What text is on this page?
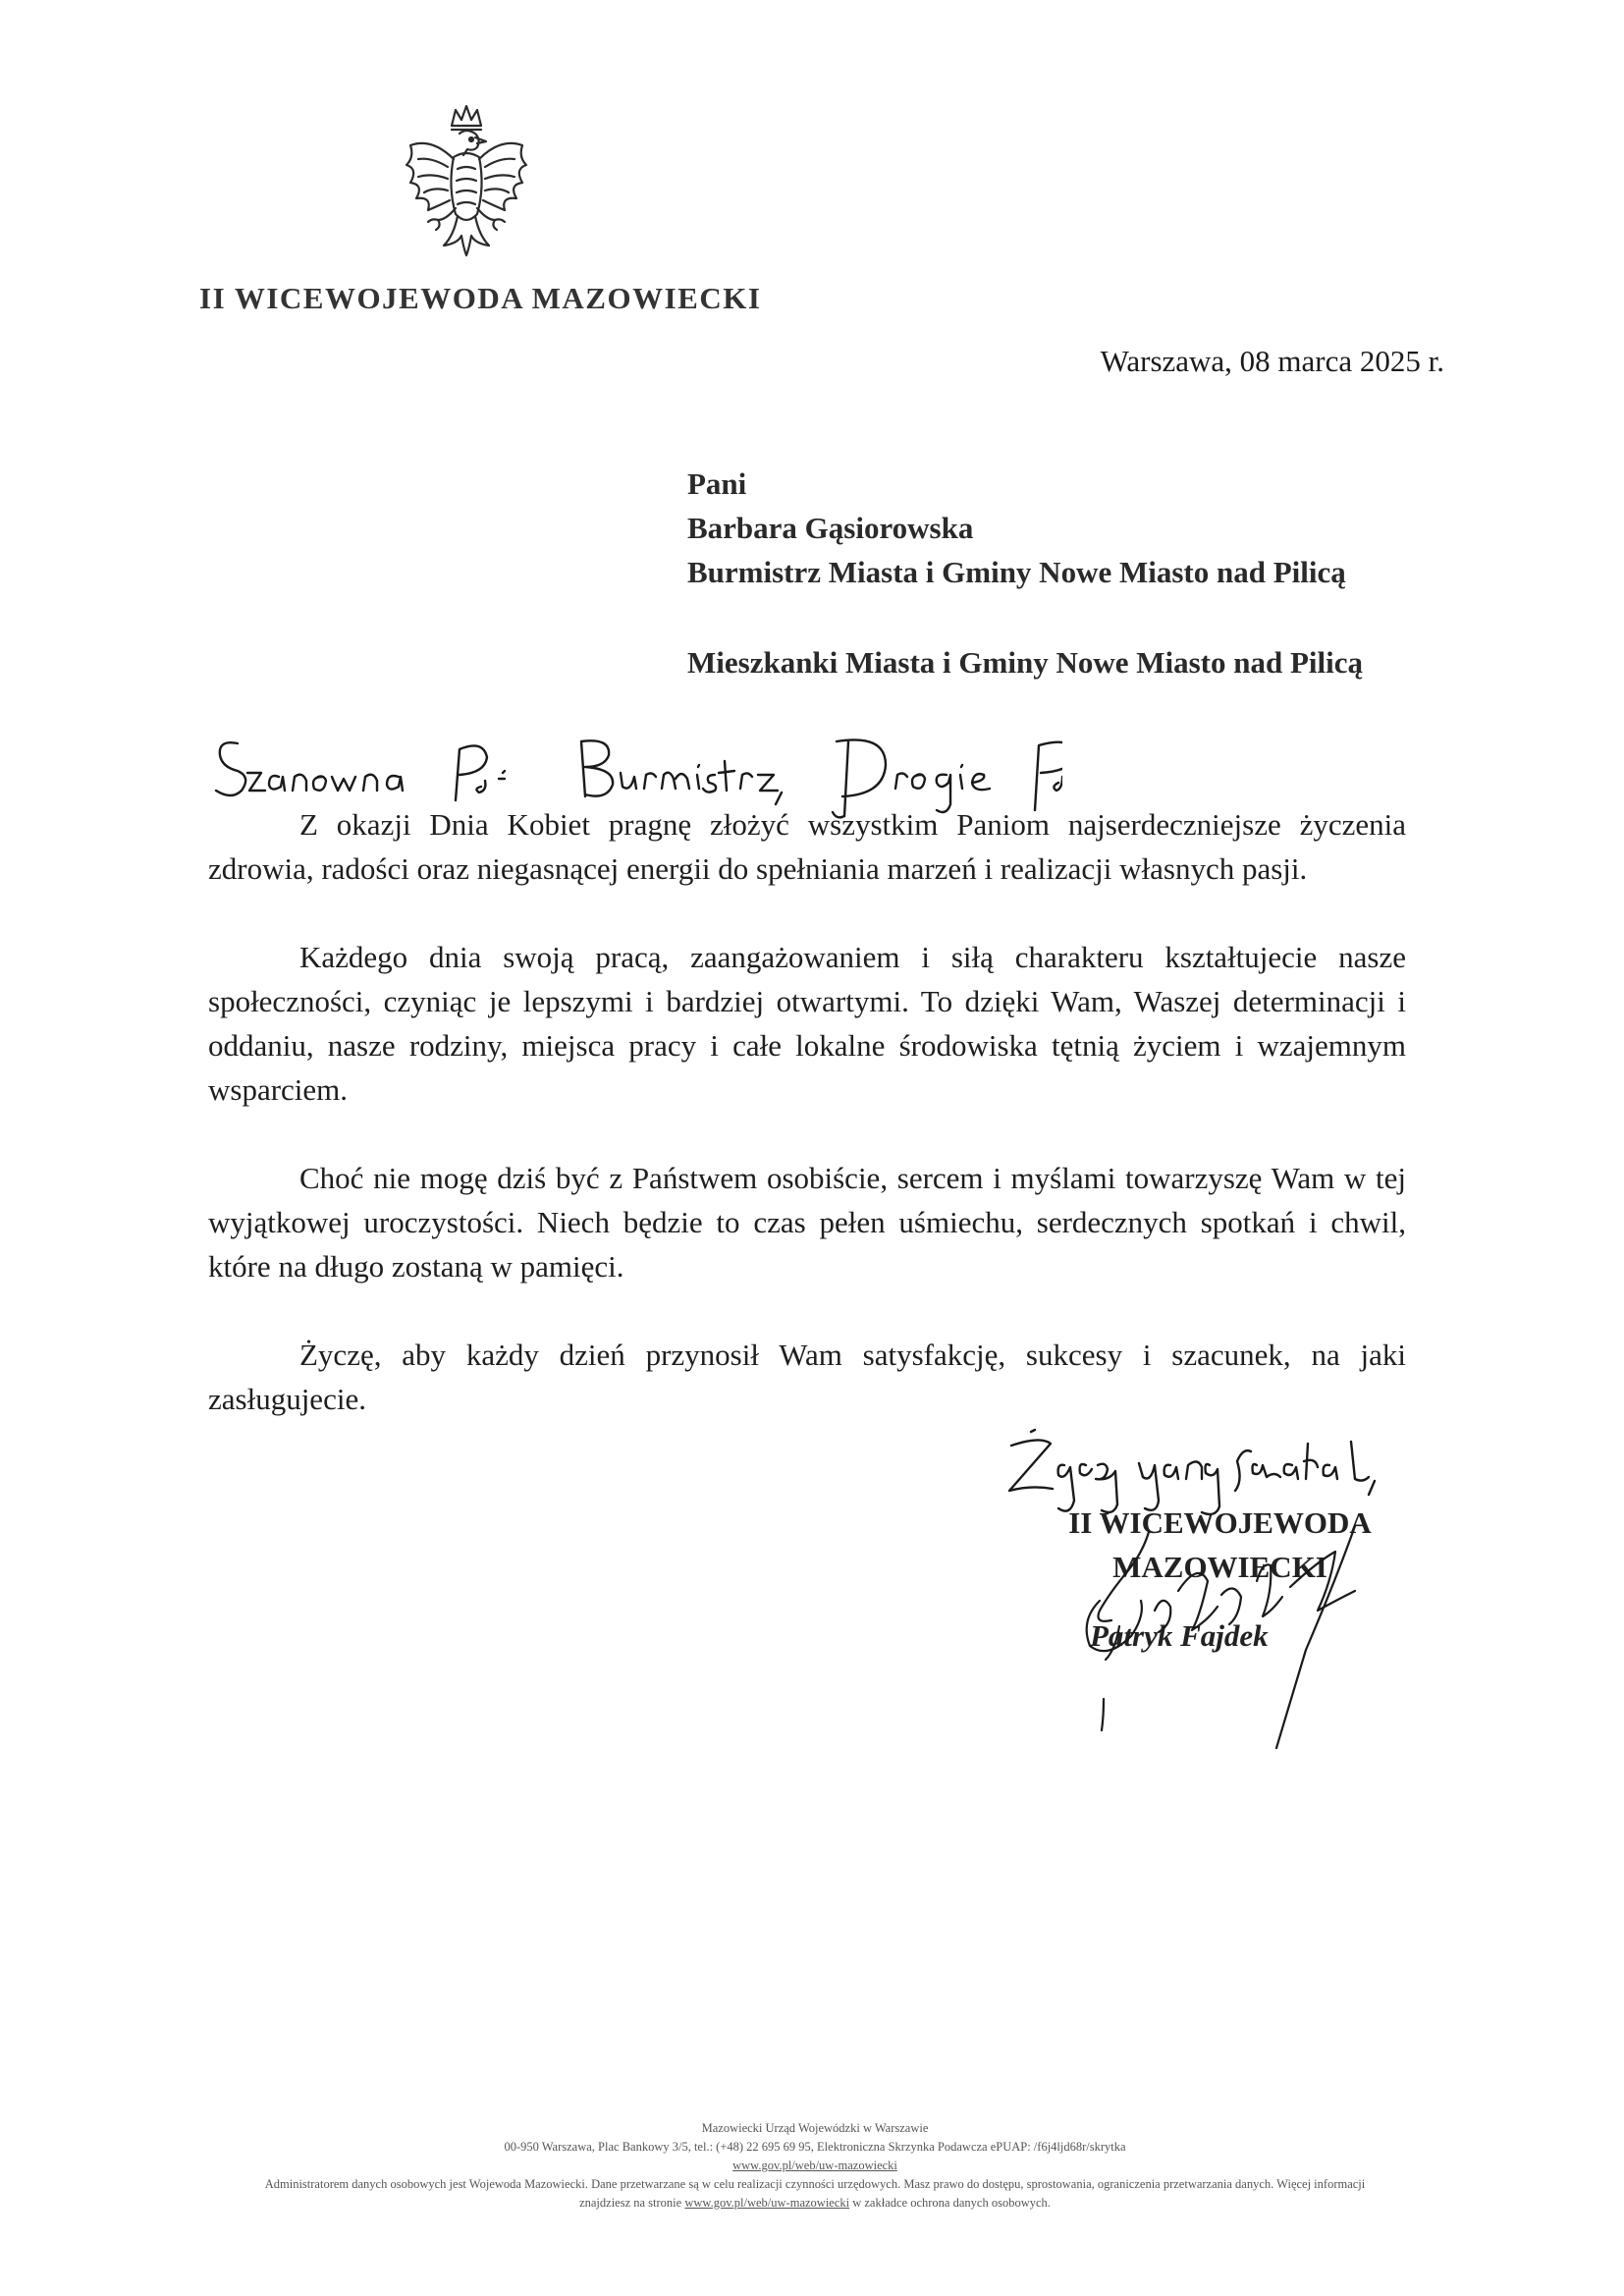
II WICEWOJEWODA MAZOWIECKI
Warszawa, 08 marca 2025 r.
Pani
Barbara Gąsiorowska
Burmistrz Miasta i Gminy Nowe Miasto nad Pilicą
Mieszkanki Miasta i Gminy Nowe Miasto nad Pilicą

Z okazji Dnia Kobiet pragnę złożyć wszystkim Paniom najserdeczniejsze życzenia zdrowia, radości oraz niegasnącej energii do spełniania marzeń i realizacji własnych pasji.

Każdego dnia swoją pracą, zaangażowaniem i siłą charakteru kształtujecie nasze społeczności, czyniąc je lepszymi i bardziej otwartymi. To dzięki Wam, Waszej determinacji i oddaniu, nasze rodziny, miejsca pracy i całe lokalne środowiska tętnią życiem i wzajemnym wsparciem.

Choć nie mogę dziś być z Państwem osobiście, sercem i myślami towarzyszę Wam w tej wyjątkowej uroczystości. Niech będzie to czas pełen uśmiechu, serdecznych spotkań i chwil, które na długo zostaną w pamięci.

Życzę, aby każdy dzień przynosił Wam satysfakcję, sukcesy i szacunek, na jaki zasługujecie.

II WICEWOJEWODA
MAZOWIECKI
Patryk Fajdek
Mazowiecki Urząd Wojewódzki w Warszawie
00-950 Warszawa, Plac Bankowy 3/5, tel.: (+48) 22 695 69 95, Elektroniczna Skrzynka Podawcza ePUAP: /f6j4ljd68r/skrytka
www.gov.pl/web/uw-mazowiecki
Administratorem danych osobowych jest Wojewoda Mazowiecki. Dane przetwarzane są w celu realizacji czynności urzędowych. Masz prawo do dostępu, sprostowania, ograniczenia przetwarzania danych. Więcej informacji
znajdziesz na stronie www.gov.pl/web/uw-mazowiecki w zakładce ochrona danych osobowych.
